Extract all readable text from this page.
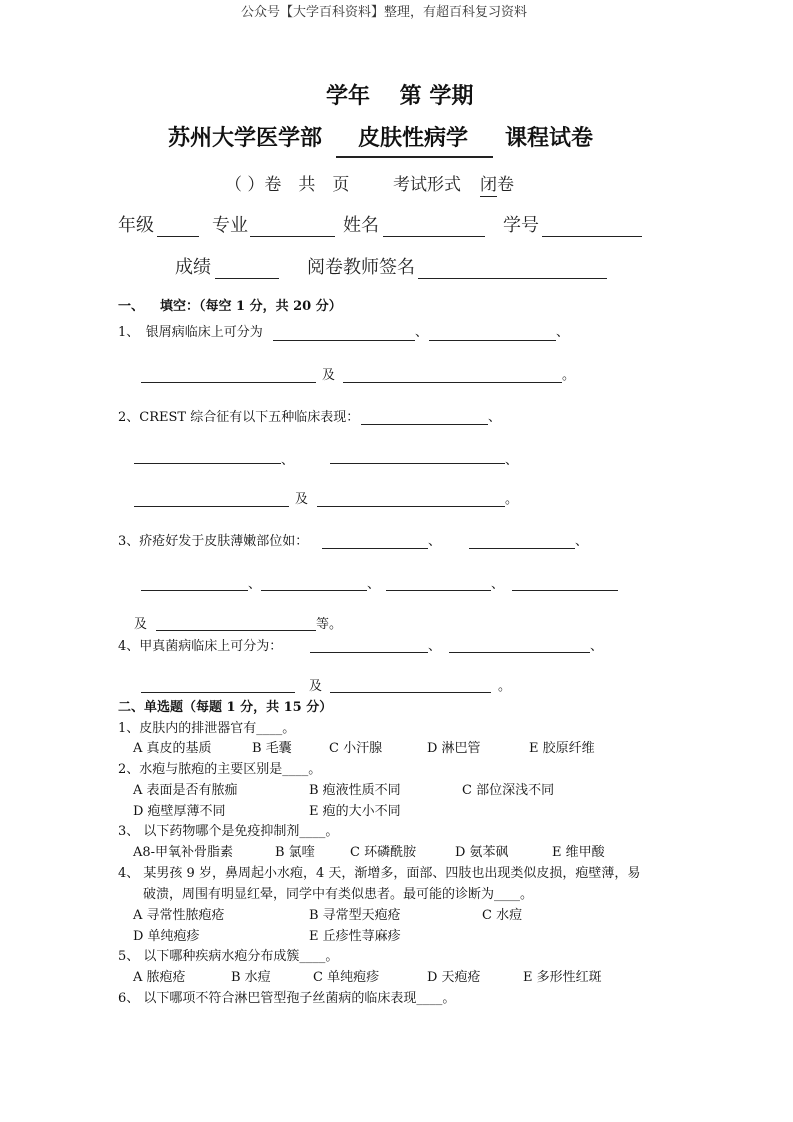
公众号【大学百科资料】整理，有超百科复习资料
学年　 第 学期
苏州大学医学部 皮肤性病学 课程试卷
（ ）卷　共　页	考试形式 闭卷
年级	专业	姓名	学号
成绩	阅卷教师签名
一、 填空：（每空 1 分，共 20 分）
1、　银屑病临床上可分为	、	、
及	。
2、CREST 综合征有以下五种临床表现：	、
、	、
及	。
3、疥疮好发于皮肤薄嫩部位如：	、	、
、	、	、
及	等。
4、甲真菌病临床上可分为：	、	、
及	。
二、单选题（每题 1 分，共 15 分）
1、皮肤内的排泄器官有____。
A 真皮的基质	B 毛囊	C 小汗腺	D 淋巴管	E 胶原纤维
2、水疱与脓疱的主要区别是____。
A 表面是否有脓痂	B 疱液性质不同	C 部位深浅不同
D 疱壁厚薄不同	E 疱的大小不同
3、 以下药物哪个是免疫抑制剂____。
A8-甲氧补骨脂素	B 氯喹	C 环磷酰胺	D 氨苯砜	E 维甲酸
4、 某男孩 9 岁，鼻周起小水疱，4 天，渐增多，面部、四肢也出现类似皮损，疱壁薄，易
破溃，周围有明显红晕，同学中有类似患者。最可能的诊断为____。
A 寻常性脓疱疮	B 寻常型天疱疮	C 水痘
D 单纯疱疹	E 丘疹性荨麻疹
5、 以下哪种疾病水疱分布成簇____。
A 脓疱疮	B 水痘	C 单纯疱疹	D 天疱疮	E 多形性红斑
6、 以下哪项不符合淋巴管型孢子丝菌病的临床表现____。
